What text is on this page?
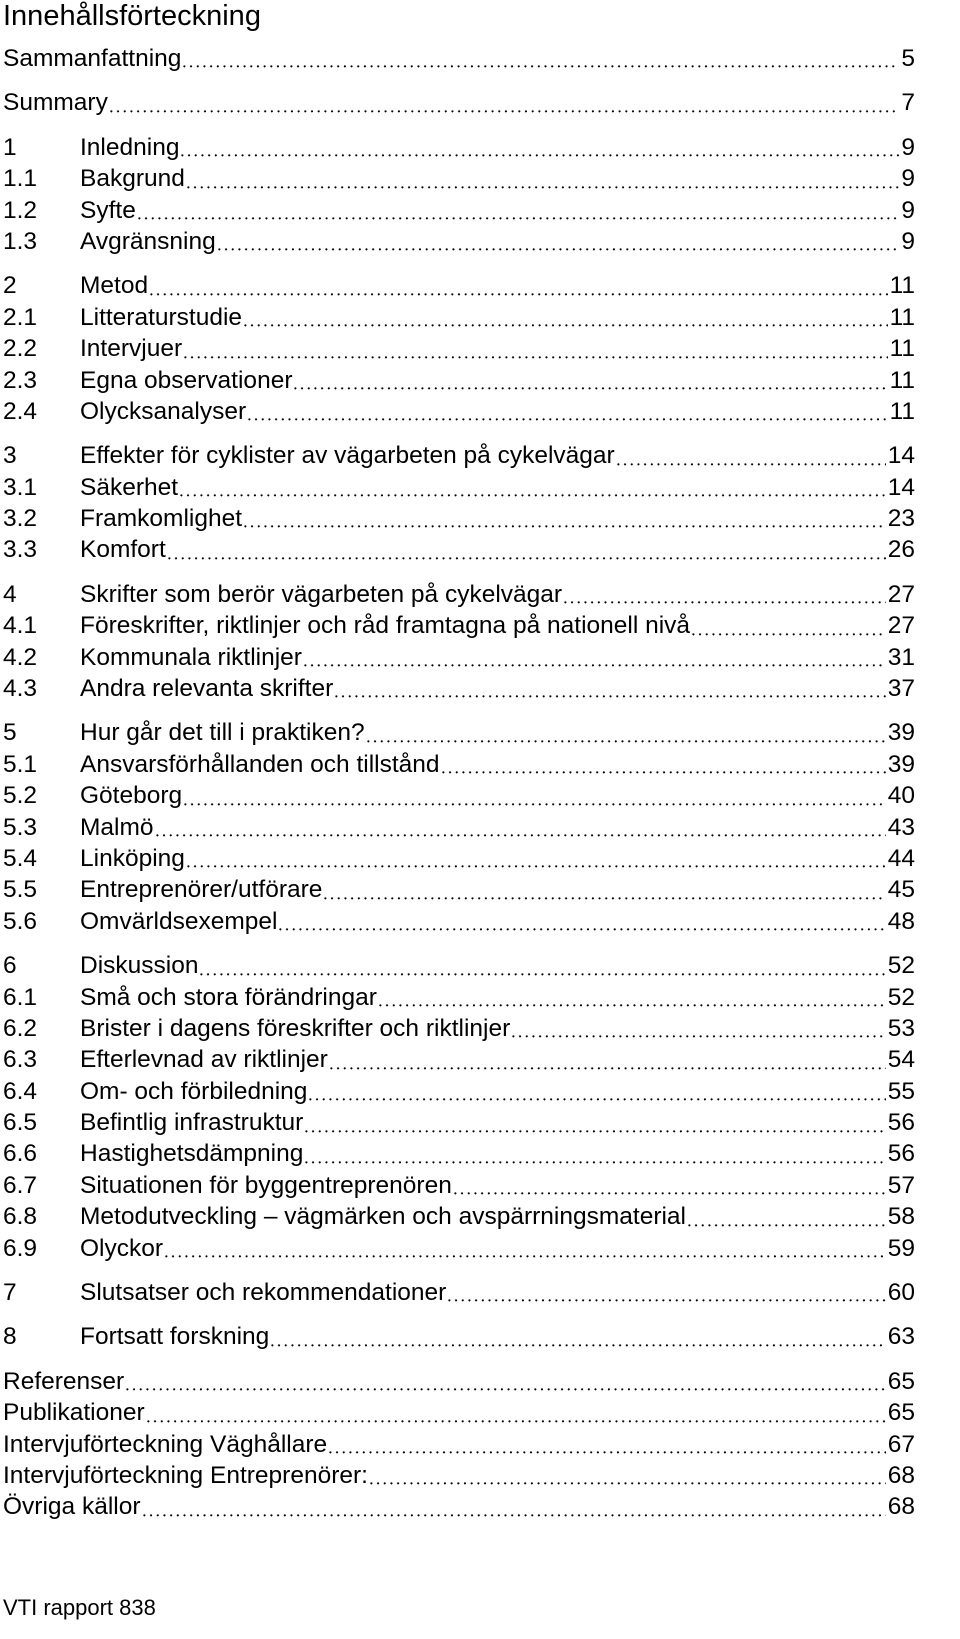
Innehållsförteckning
Sammanfattning	5
Summary	7
1	Inledning	9
1.1	Bakgrund	9
1.2	Syfte	9
1.3	Avgränsning	9
2	Metod	11
2.1	Litteraturstudie	11
2.2	Intervjuer	11
2.3	Egna observationer	11
2.4	Olycksanalyser	11
3	Effekter för cyklister av vägarbeten på cykelvägar	14
3.1	Säkerhet	14
3.2	Framkomlighet	23
3.3	Komfort	26
4	Skrifter som berör vägarbeten på cykelvägar	27
4.1	Föreskrifter, riktlinjer och råd framtagna på nationell nivå	27
4.2	Kommunala riktlinjer	31
4.3	Andra relevanta skrifter	37
5	Hur går det till i praktiken?	39
5.1	Ansvarsförhållanden och tillstånd	39
5.2	Göteborg	40
5.3	Malmö	43
5.4	Linköping	44
5.5	Entreprenörer/utförare	45
5.6	Omvärldsexempel	48
6	Diskussion	52
6.1	Små och stora förändringar	52
6.2	Brister i dagens föreskrifter och riktlinjer	53
6.3	Efterlevnad av riktlinjer	54
6.4	Om- och förbiledning	55
6.5	Befintlig infrastruktur	56
6.6	Hastighetsdämpning	56
6.7	Situationen för byggentreprenören	57
6.8	Metodutveckling – vägmärken och avspärrningsmaterial	58
6.9	Olyckor	59
7	Slutsatser och rekommendationer	60
8	Fortsatt forskning	63
Referenser	65
Publikationer	65
Intervjuförteckning Väghållare	67
Intervjuförteckning Entreprenörer:	68
Övriga källor	68
VTI rapport 838
